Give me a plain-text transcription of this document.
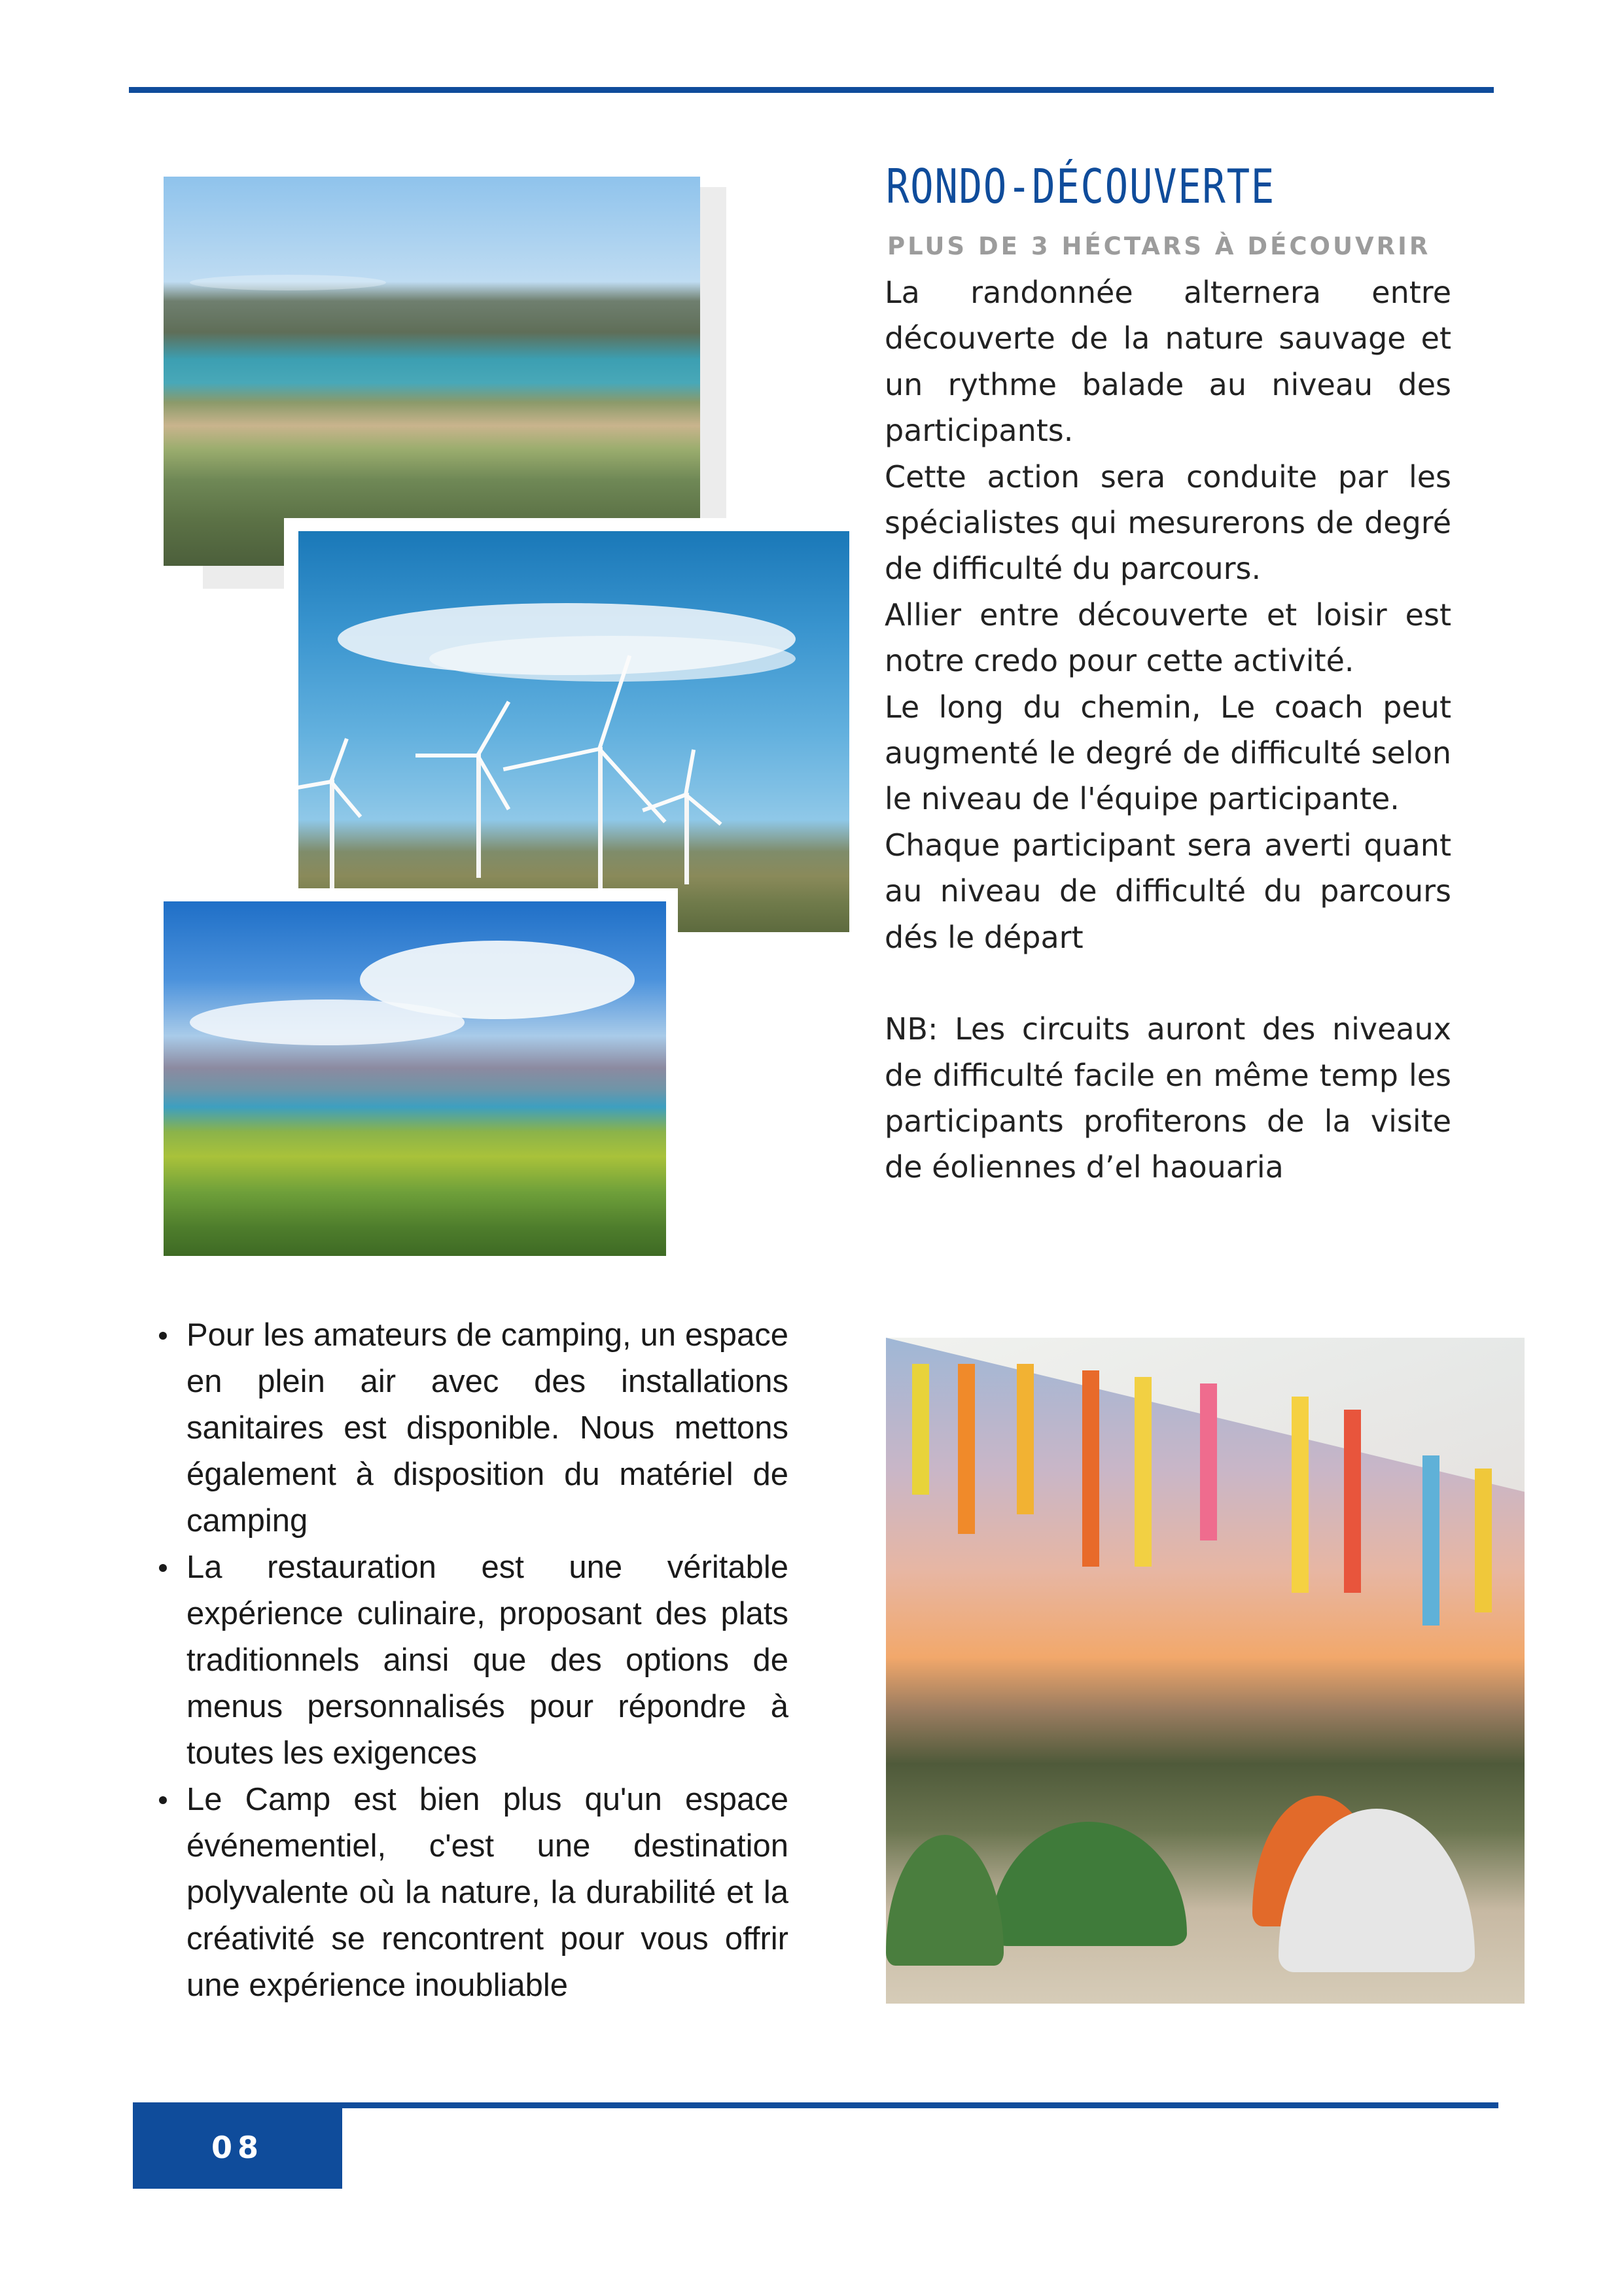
RONDO-DÉCOUVERTE
PLUS DE 3 HÉCTARS À DÉCOUVRIR

La randonnée alternera entre découverte de la nature sauvage et un rythme balade au niveau des participants.

Cette action sera conduite par les spécialistes qui mesurerons de degré de difficulté du parcours.

Allier entre découverte et loisir est notre credo pour cette activité.

Le long du chemin, Le coach peut augmenté le degré de difficulté selon le niveau de l'équipe participante.

Chaque participant sera averti quant au niveau de difficulté du parcours dés le départ

NB: Les circuits auront des niveaux de difficulté facile en même temp les participants profiterons de la visite de éoliennes d’el haouaria

Pour les amateurs de camping, un espace en plein air avec des installations sanitaires est disponible. Nous mettons également à disposition du matériel de camping
La restauration est une véritable expérience culinaire, proposant des plats traditionnels ainsi que des options de menus personnalisés pour répondre à toutes les exigences
Le Camp est bien plus qu'un espace événementiel, c'est une destination polyvalente où la nature, la durabilité et la créativité se rencontrent pour vous offrir une expérience inoubliable
08
